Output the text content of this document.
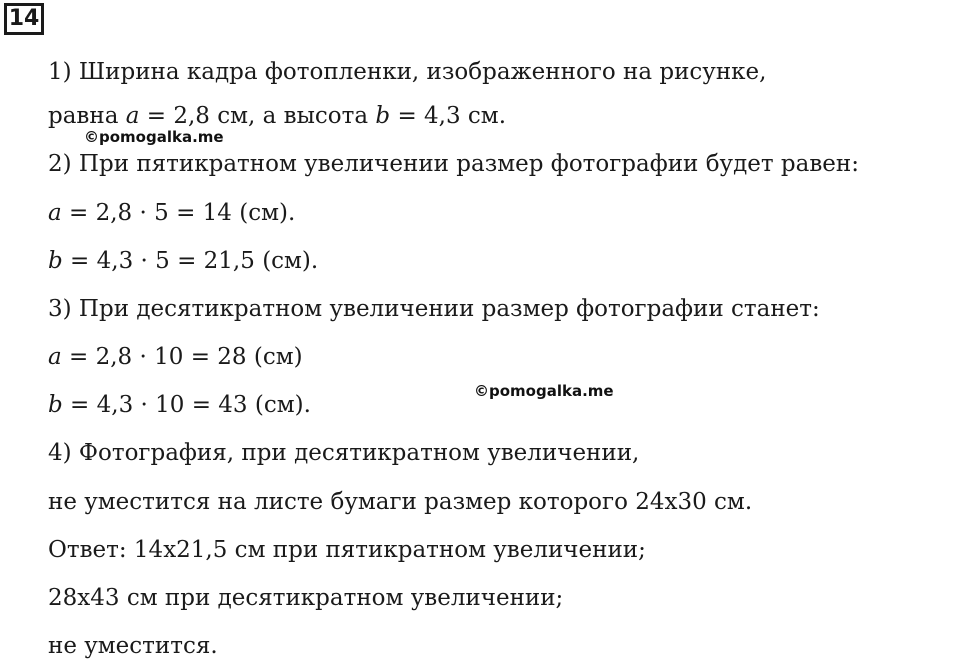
14
1) Ширина кадра фотопленки, изображенного на рисунке,
равна a = 2,8 см, а высота b = 4,3 см.
©pomogalka.me
2) При пятикратном увеличении размер фотографии будет равен:
a = 2,8 · 5 = 14 (см).
b = 4,3 · 5 = 21,5 (см).
3) При десятикратном увеличении размер фотографии станет:
a = 2,8 · 10 = 28 (см)
©pomogalka.me
b = 4,3 · 10 = 43 (см).
4) Фотография, при десятикратном увеличении,
не уместится на листе бумаги размер которого 24х30 см.
Ответ: 14х21,5 см при пятикратном увеличении;
28х43 см при десятикратном увеличении;
не уместится.
